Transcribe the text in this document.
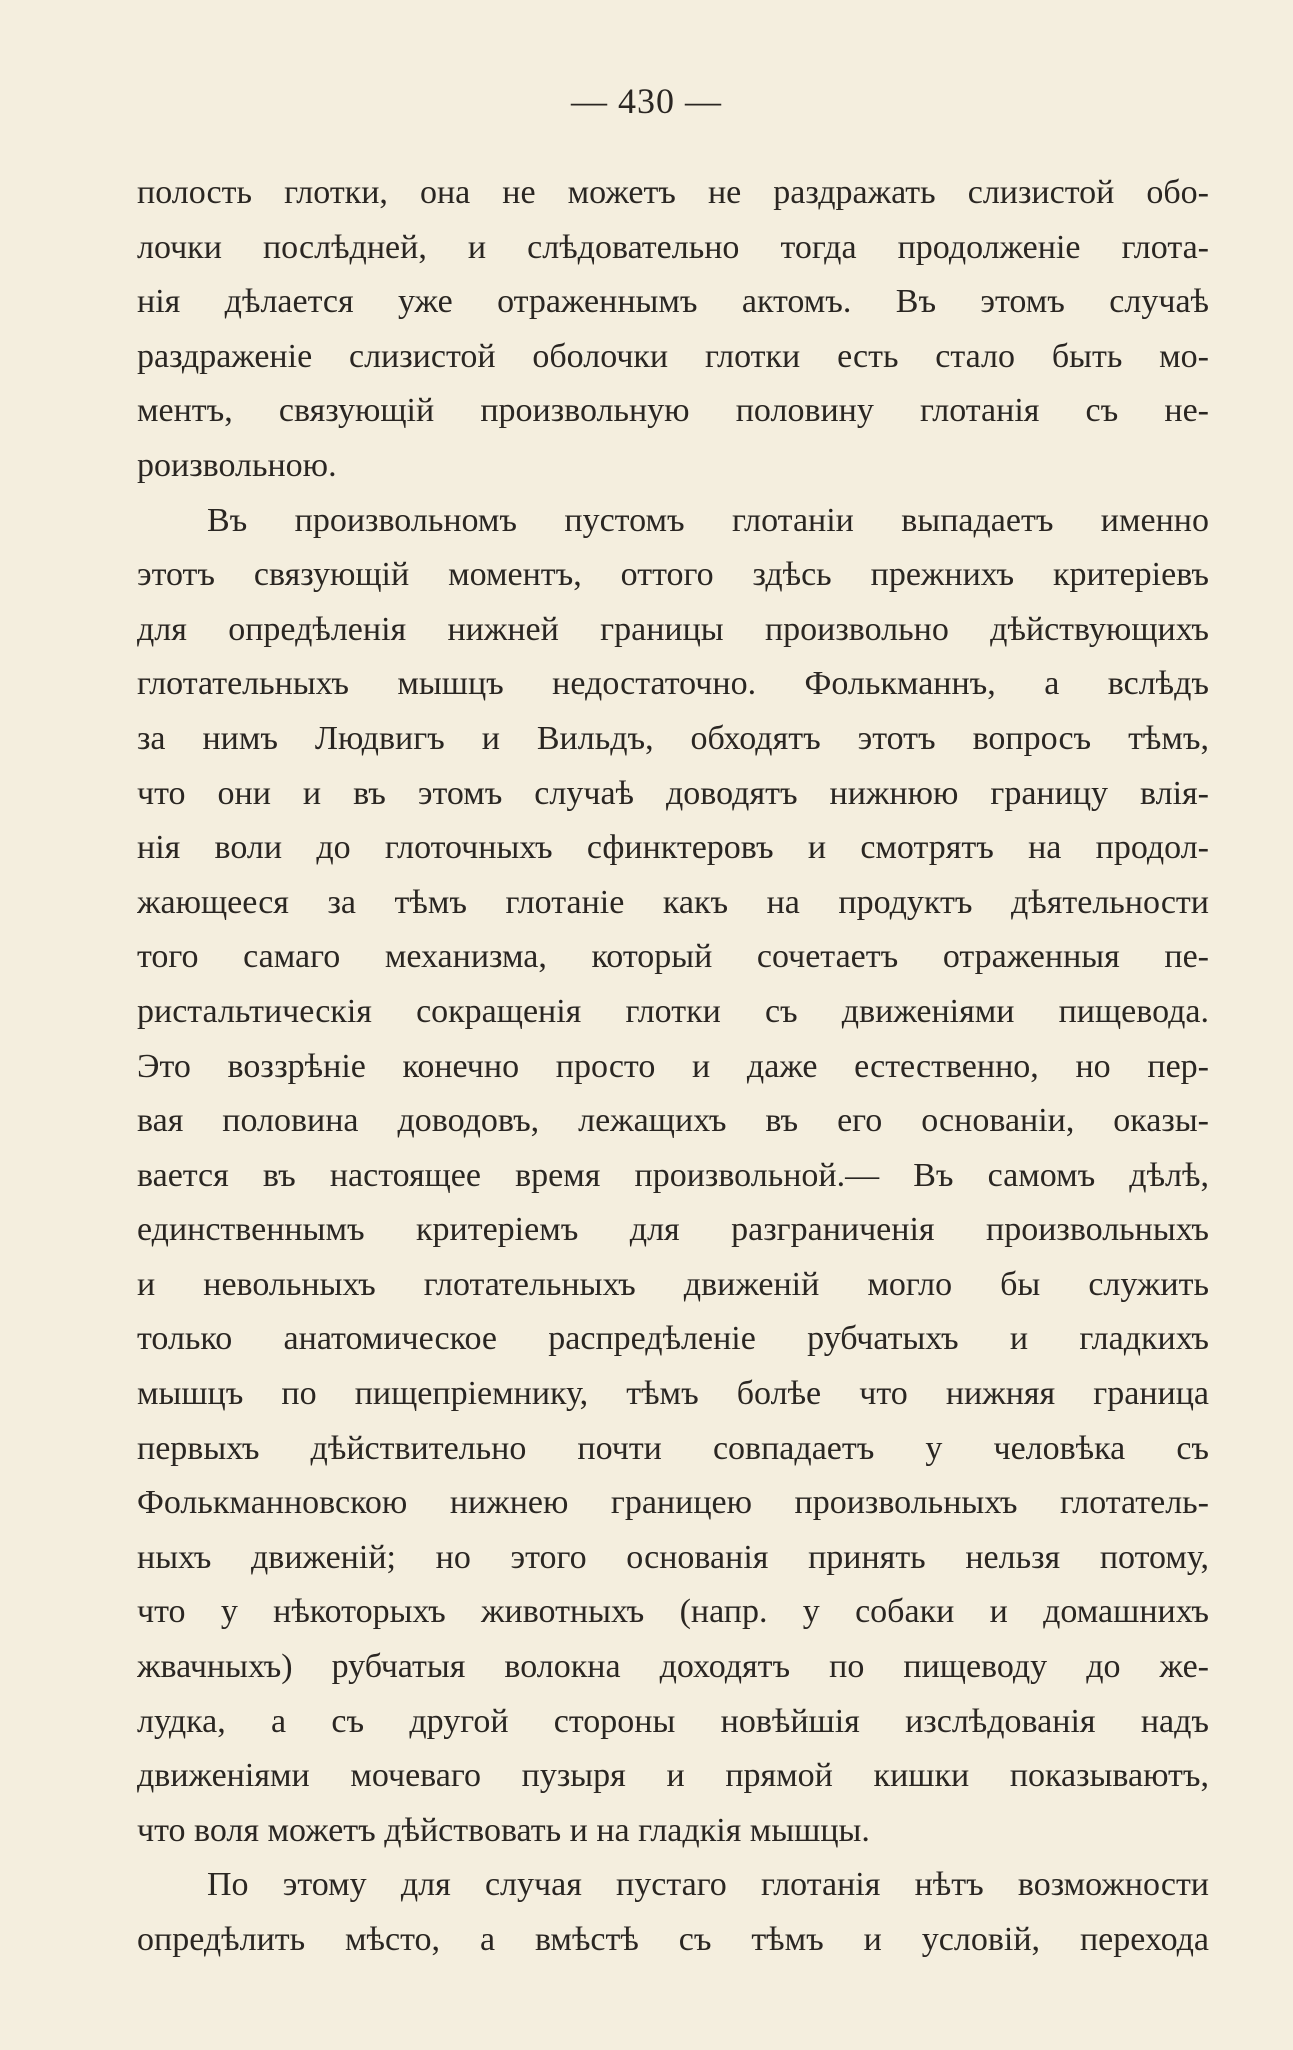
— 430 —
полость глотки, она не можетъ не раздражать слизистой обо-
лочки послѣдней, и слѣдовательно тогда продолженіе глота-
нія дѣлается уже отраженнымъ актомъ. Въ этомъ случаѣ
раздраженіе слизистой оболочки глотки есть стало быть мо-
ментъ, связующій произвольную половину глотанія съ не-
роизвольною.
Въ произвольномъ пустомъ глотаніи выпадаетъ именно
этотъ связующій моментъ, оттого здѣсь прежнихъ критеріевъ
для опредѣленія нижней границы произвольно дѣйствующихъ
глотательныхъ мышцъ недостаточно. Фолькманнъ, а вслѣдъ
за нимъ Людвигъ и Вильдъ, обходятъ этотъ вопросъ тѣмъ,
что они и въ этомъ случаѣ доводятъ нижнюю границу влія-
нія воли до глоточныхъ сфинктеровъ и смотрятъ на продол-
жающееся за тѣмъ глотаніе какъ на продуктъ дѣятельности
того самаго механизма, который сочетаетъ отраженныя пе-
ристальтическія сокращенія глотки съ движеніями пищевода.
Это воззрѣніе конечно просто и даже естественно, но пер-
вая половина доводовъ, лежащихъ въ его основаніи, оказы-
вается въ настоящее время произвольной.— Въ самомъ дѣлѣ,
единственнымъ критеріемъ для разграниченія произвольныхъ
и невольныхъ глотательныхъ движеній могло бы служить
только анатомическое распредѣленіе рубчатыхъ и гладкихъ
мышцъ по пищепріемнику, тѣмъ болѣе что нижняя граница
первыхъ дѣйствительно почти совпадаетъ у человѣка съ
Фолькманновскою нижнею границею произвольныхъ глотатель-
ныхъ движеній; но этого основанія принять нельзя потому,
что у нѣкоторыхъ животныхъ (напр. у собаки и домашнихъ
жвачныхъ) рубчатыя волокна доходятъ по пищеводу до же-
лудка, а съ другой стороны новѣйшія изслѣдованія надъ
движеніями мочеваго пузыря и прямой кишки показываютъ,
что воля можетъ дѣйствовать и на гладкія мышцы.
По этому для случая пустаго глотанія нѣтъ возможности
опредѣлить мѣсто, а вмѣстѣ съ тѣмъ и условій, перехода
